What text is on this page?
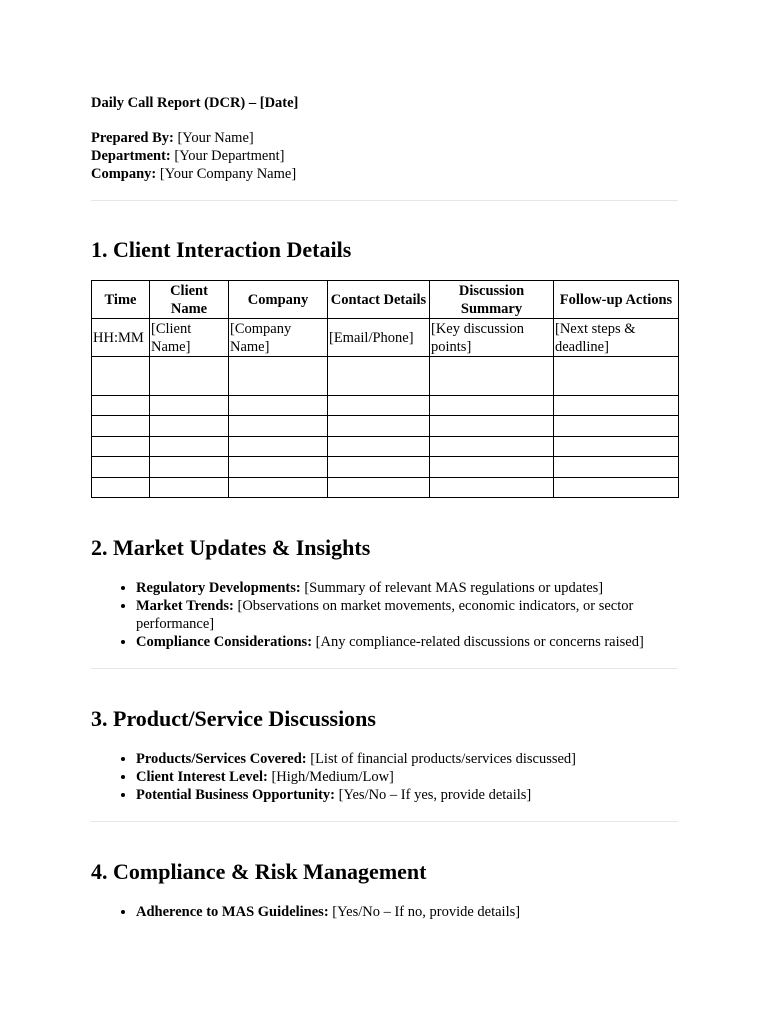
Daily Call Report (DCR) – [Date]

Prepared By: [Your Name]
Department: [Your Department]
Company: [Your Company Name]
1. Client Interaction Details
Time	Client Name	Company	Contact Details	Discussion Summary	Follow-up Actions
HH:MM	[Client Name]	[Company Name]	[Email/Phone]	[Key discussion points]	[Next steps & deadline]

2. Market Updates & Insights
• Regulatory Developments: [Summary of relevant MAS regulations or updates]
• Market Trends: [Observations on market movements, economic indicators, or sector performance]
• Compliance Considerations: [Any compliance-related discussions or concerns raised]
3. Product/Service Discussions
• Products/Services Covered: [List of financial products/services discussed]
• Client Interest Level: [High/Medium/Low]
• Potential Business Opportunity: [Yes/No – If yes, provide details]
4. Compliance & Risk Management
• Adherence to MAS Guidelines: [Yes/No – If no, provide details]
